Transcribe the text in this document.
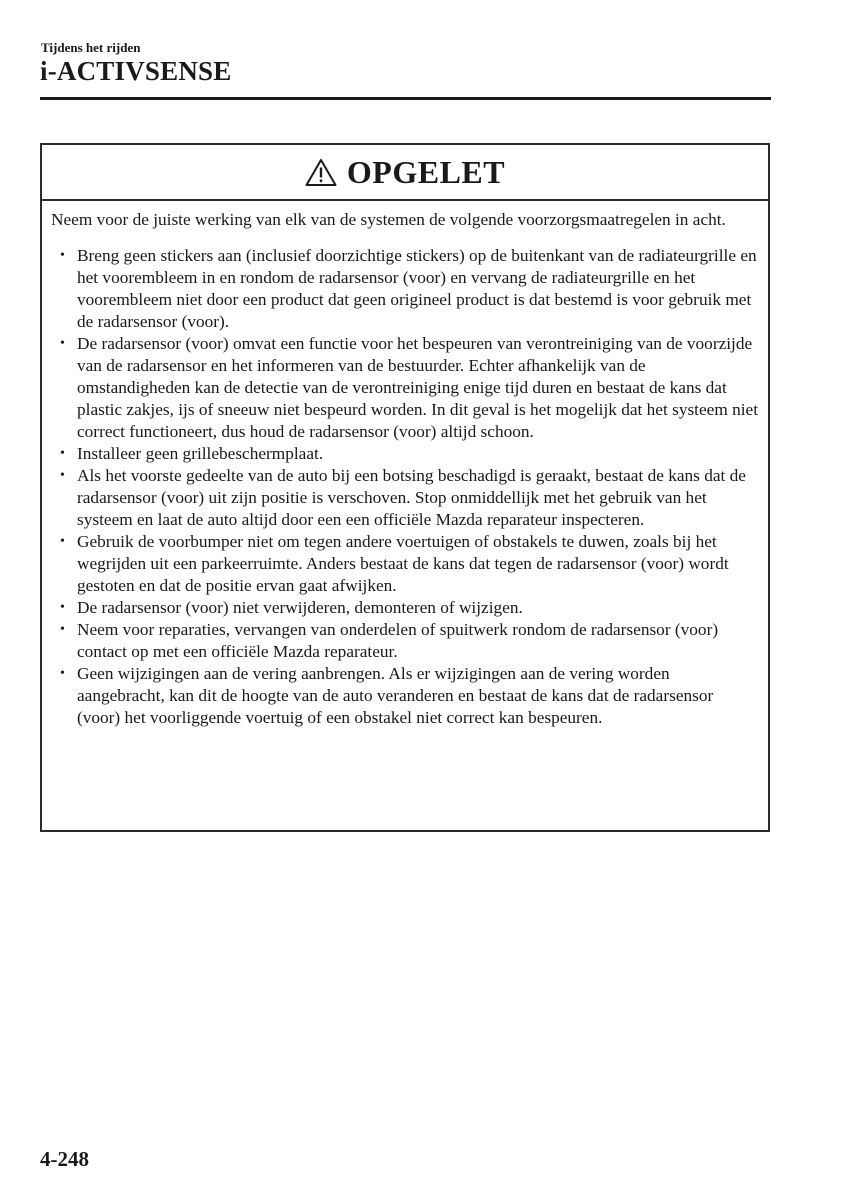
Tijdens het rijden
i-ACTIVSENSE
OPGELET

Neem voor de juiste werking van elk van de systemen de volgende voorzorgsmaatregelen in acht.

• Breng geen stickers aan (inclusief doorzichtige stickers) op de buitenkant van de radiateurgrille en het voorembleem in en rondom de radarsensor (voor) en vervang de radiateurgrille en het voorembleem niet door een product dat geen origineel product is dat bestemd is voor gebruik met de radarsensor (voor).
• De radarsensor (voor) omvat een functie voor het bespeuren van verontreiniging van de voorzijde van de radarsensor en het informeren van de bestuurder. Echter afhankelijk van de omstandigheden kan de detectie van de verontreiniging enige tijd duren en bestaat de kans dat plastic zakjes, ijs of sneeuw niet bespeurd worden. In dit geval is het mogelijk dat het systeem niet correct functioneert, dus houd de radarsensor (voor) altijd schoon.
• Installeer geen grillebeschermplaat.
• Als het voorste gedeelte van de auto bij een botsing beschadigd is geraakt, bestaat de kans dat de radarsensor (voor) uit zijn positie is verschoven. Stop onmiddellijk met het gebruik van het systeem en laat de auto altijd door een een officiële Mazda reparateur inspecteren.
• Gebruik de voorbumper niet om tegen andere voertuigen of obstakels te duwen, zoals bij het wegrijden uit een parkeerruimte. Anders bestaat de kans dat tegen de radarsensor (voor) wordt gestoten en dat de positie ervan gaat afwijken.
• De radarsensor (voor) niet verwijderen, demonteren of wijzigen.
• Neem voor reparaties, vervangen van onderdelen of spuitwerk rondom de radarsensor (voor) contact op met een officiële Mazda reparateur.
• Geen wijzigingen aan de vering aanbrengen. Als er wijzigingen aan de vering worden aangebracht, kan dit de hoogte van de auto veranderen en bestaat de kans dat de radarsensor (voor) het voorliggende voertuig of een obstakel niet correct kan bespeuren.
4-248
